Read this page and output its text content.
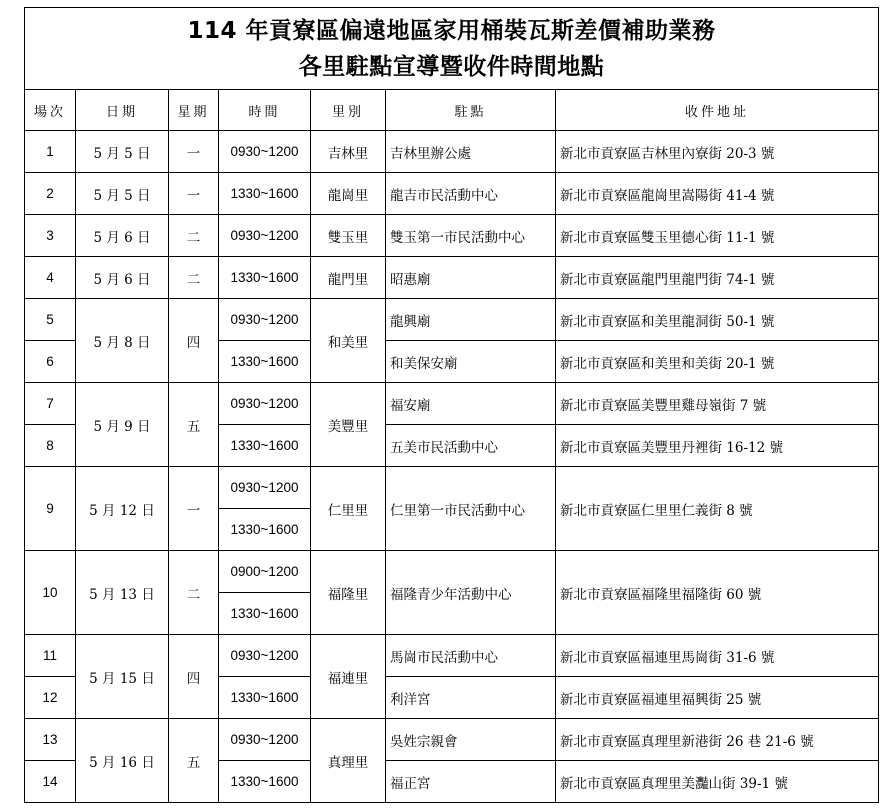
114 年貢寮區偏遠地區家用桶裝瓦斯差價補助業務
各里駐點宣導暨收件時間地點						

場次	日期	星期	時間	里別	駐點	收件地址
1	5 月 5 日	一	0930~1200	吉林里	吉林里辦公處	新北市貢寮區吉林里內寮街 20-3 號
2	5 月 5 日	一	1330~1600	龍崗里	龍吉市民活動中心	新北市貢寮區龍崗里嵩陽街 41-4 號
3	5 月 6 日	二	0930~1200	雙玉里	雙玉第一市民活動中心	新北市貢寮區雙玉里德心街 11-1 號
4	5 月 6 日	二	1330~1600	龍門里	昭惠廟	新北市貢寮區龍門里龍門街 74-1 號
5	5 月 8 日	四	0930~1200	和美里	龍興廟	新北市貢寮區和美里龍洞街 50-1 號
6			1330~1600		和美保安廟	新北市貢寮區和美里和美街 20-1 號
7	5 月 9 日	五	0930~1200	美豐里	福安廟	新北市貢寮區美豐里雞母嶺街 7 號
8			1330~1600		五美市民活動中心	新北市貢寮區美豐里丹裡街 16-12 號
9	5 月 12 日	一	0930~1200	仁里里	仁里第一市民活動中心	新北市貢寮區仁里里仁義街 8 號
			1330~1600			
10	5 月 13 日	二	0900~1200	福隆里	福隆青少年活動中心	新北市貢寮區福隆里福隆街 60 號
			1330~1600			
11	5 月 15 日	四	0930~1200	福連里	馬崗市民活動中心	新北市貢寮區福連里馬崗街 31-6 號
12			1330~1600		利洋宮	新北市貢寮區福連里福興街 25 號
13	5 月 16 日	五	0930~1200	真理里	吳姓宗親會	新北市貢寮區真理里新港街 26 巷 21-6 號
14			1330~1600		福正宮	新北市貢寮區真理里美灩山街 39-1 號
